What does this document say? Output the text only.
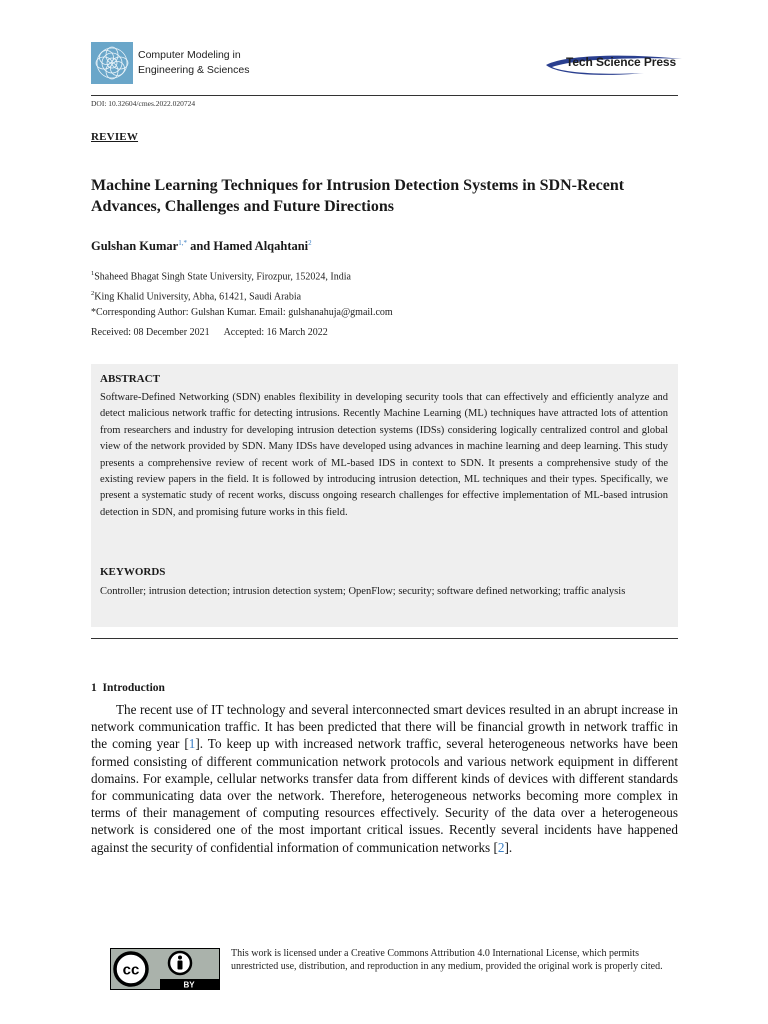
Computer Modeling in
Engineering & Sciences
Tech Science Press
DOI: 10.32604/cmes.2022.020724
REVIEW
Machine Learning Techniques for Intrusion Detection Systems in SDN-Recent Advances, Challenges and Future Directions
Gulshan Kumar$^{1,*}$ and Hamed Alqahtani$^2$
$^1$Shaheed Bhagat Singh State University, Firozpur, 152024, India
$^2$King Khalid University, Abha, 61421, Saudi Arabia
*Corresponding Author: Gulshan Kumar. Email: gulshanahuja@gmail.com
Received: 08 December 2021 Accepted: 16 March 2022
ABSTRACT
Software-Defined Networking (SDN) enables flexibility in developing security tools that can effectively and efficiently analyze and detect malicious network traffic for detecting intrusions. Recently Machine Learning (ML) techniques have attracted lots of attention from researchers and industry for developing intrusion detection systems (IDSs) considering logically centralized control and global view of the network provided by SDN. Many IDSs have developed using advances in machine learning and deep learning. This study presents a comprehensive review of recent work of ML-based IDS in context to SDN. It presents a comprehensive study of the existing review papers in the field. It is followed by introducing intrusion detection, ML techniques and their types. Specifically, we present a systematic study of recent works, discuss ongoing research challenges for effective implementation of ML-based intrusion detection in SDN, and promising future works in this field.
KEYWORDS
Controller; intrusion detection; intrusion detection system; OpenFlow; security; software defined networking; traffic analysis
1  Introduction
The recent use of IT technology and several interconnected smart devices resulted in an abrupt increase in network communication traffic. It has been predicted that there will be financial growth in network traffic in the coming year [1]. To keep up with increased network traffic, several heterogeneous networks have been formed consisting of different communication network protocols and various network equipment in different domains. For example, cellular networks transfer data from different kinds of devices with different standards for communicating data over the network. Therefore, heterogeneous networks becoming more complex in terms of their management of computing resources effectively. Security of the data over a heterogeneous network is considered one of the most important critical issues. Recently several incidents have happened against the security of confidential information of communication networks [2].
cc
BY
This work is licensed under a Creative Commons Attribution 4.0 International License, which permits unrestricted use, distribution, and reproduction in any medium, provided the original work is properly cited.
